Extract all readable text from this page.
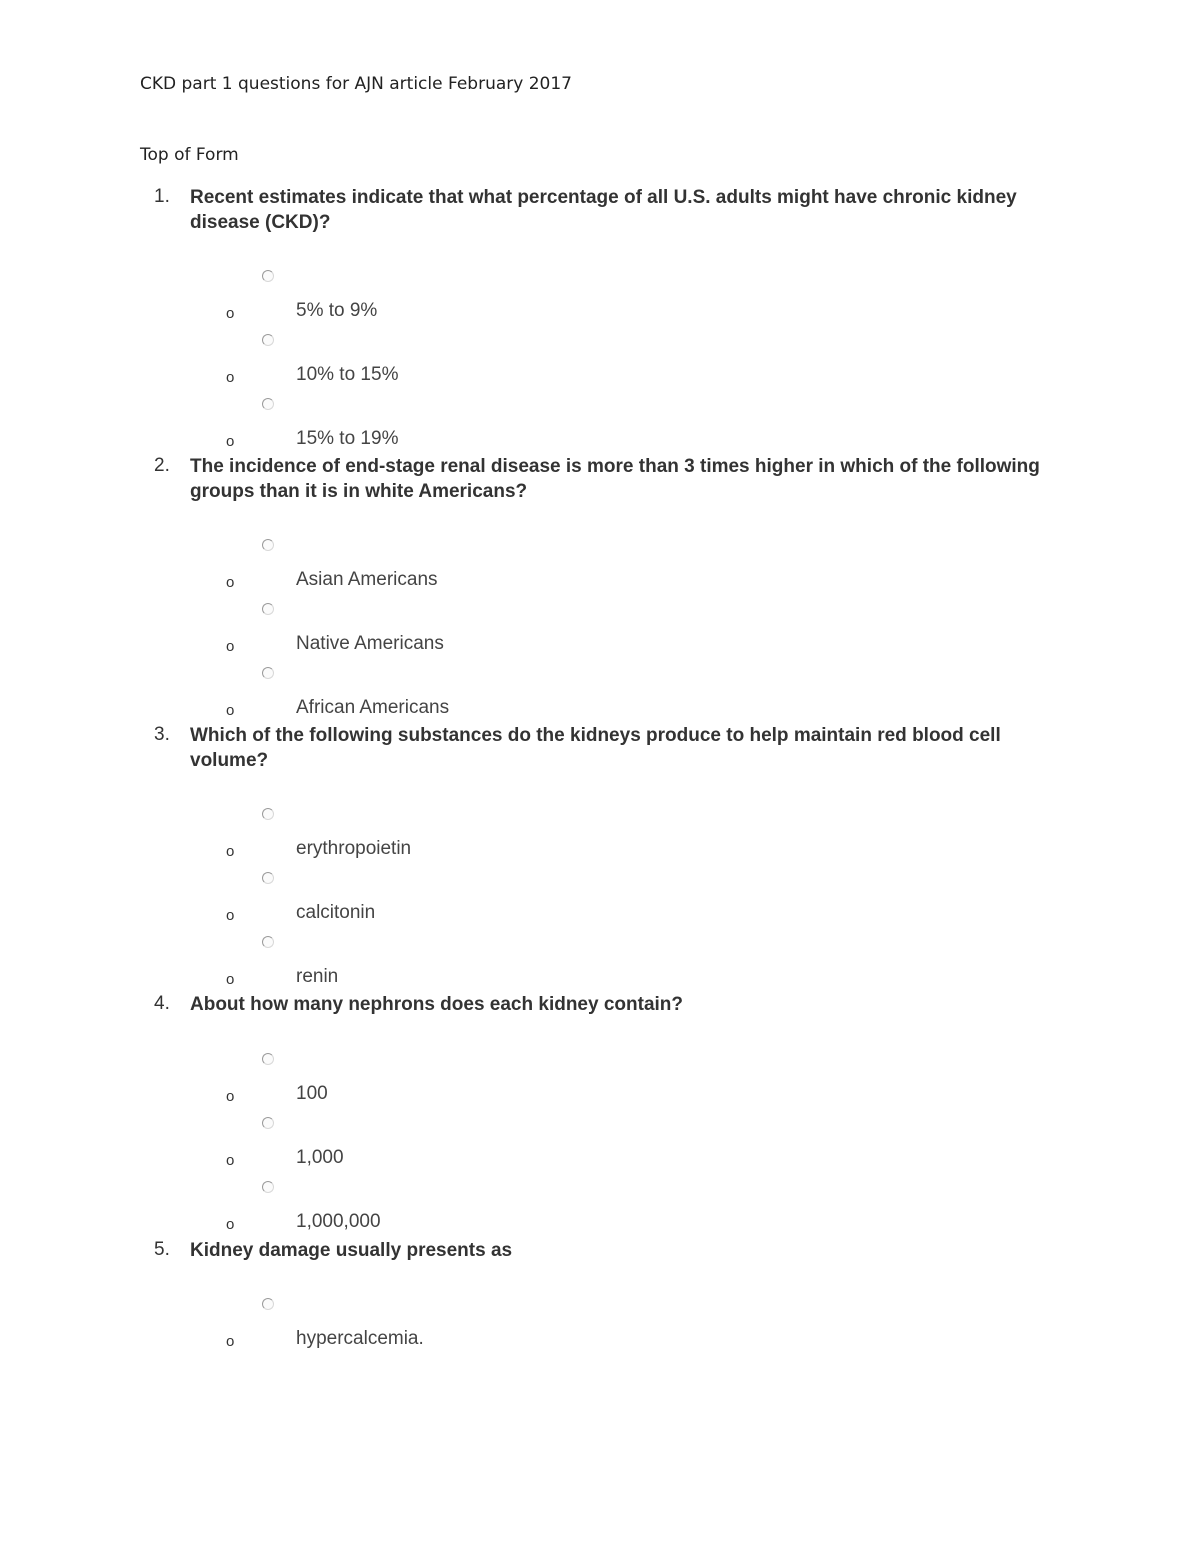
CKD part 1 questions for AJN article February 2017
Top of Form
1. Recent estimates indicate that what percentage of all U.S. adults might have chronic kidney disease (CKD)?
o	5% to 9%
o	10% to 15%
o	15% to 19%
2. The incidence of end-stage renal disease is more than 3 times higher in which of the following groups than it is in white Americans?
o	Asian Americans
o	Native Americans
o	African Americans
3. Which of the following substances do the kidneys produce to help maintain red blood cell volume?
o	erythropoietin
o	calcitonin
o	renin
4. About how many nephrons does each kidney contain?
o	100
o	1,000
o	1,000,000
5. Kidney damage usually presents as
o	hypercalcemia.
